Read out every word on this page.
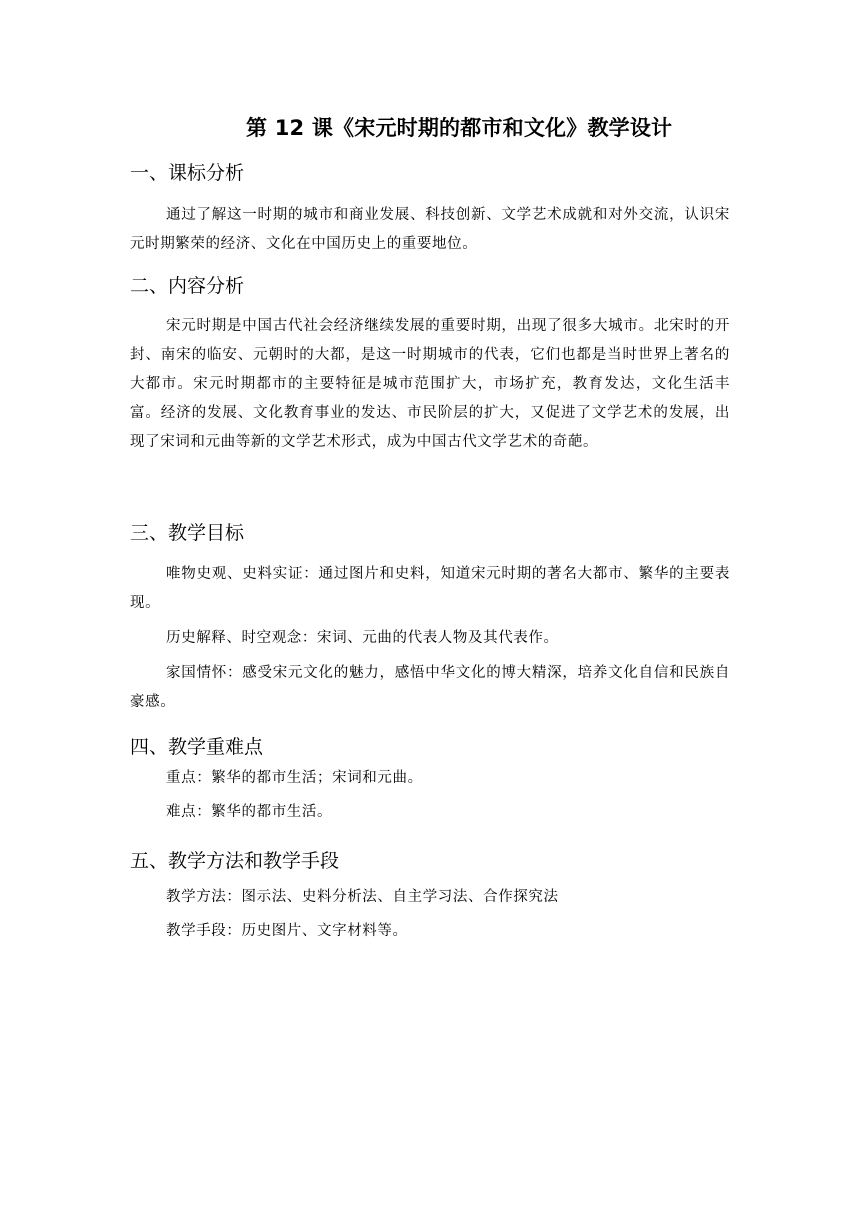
第 12 课《宋元时期的都市和文化》教学设计
一、课标分析

通过了解这一时期的城市和商业发展、科技创新、文学艺术成就和对外交流，认识宋元时期繁荣的经济、文化在中国历史上的重要地位。

二、内容分析

宋元时期是中国古代社会经济继续发展的重要时期，出现了很多大城市。北宋时的开封、南宋的临安、元朝时的大都，是这一时期城市的代表，它们也都是当时世界上著名的大都市。宋元时期都市的主要特征是城市范围扩大，市场扩充，教育发达，文化生活丰富。经济的发展、文化教育事业的发达、市民阶层的扩大，又促进了文学艺术的发展，出现了宋词和元曲等新的文学艺术形式，成为中国古代文学艺术的奇葩。

三、教学目标

唯物史观、史料实证：通过图片和史料，知道宋元时期的著名大都市、繁华的主要表现。

历史解释、时空观念：宋词、元曲的代表人物及其代表作。

家国情怀：感受宋元文化的魅力，感悟中华文化的博大精深，培养文化自信和民族自豪感。

四、教学重难点

重点：繁华的都市生活；宋词和元曲。

难点：繁华的都市生活。

五、教学方法和教学手段

教学方法：图示法、史料分析法、自主学习法、合作探究法

教学手段：历史图片、文字材料等。
